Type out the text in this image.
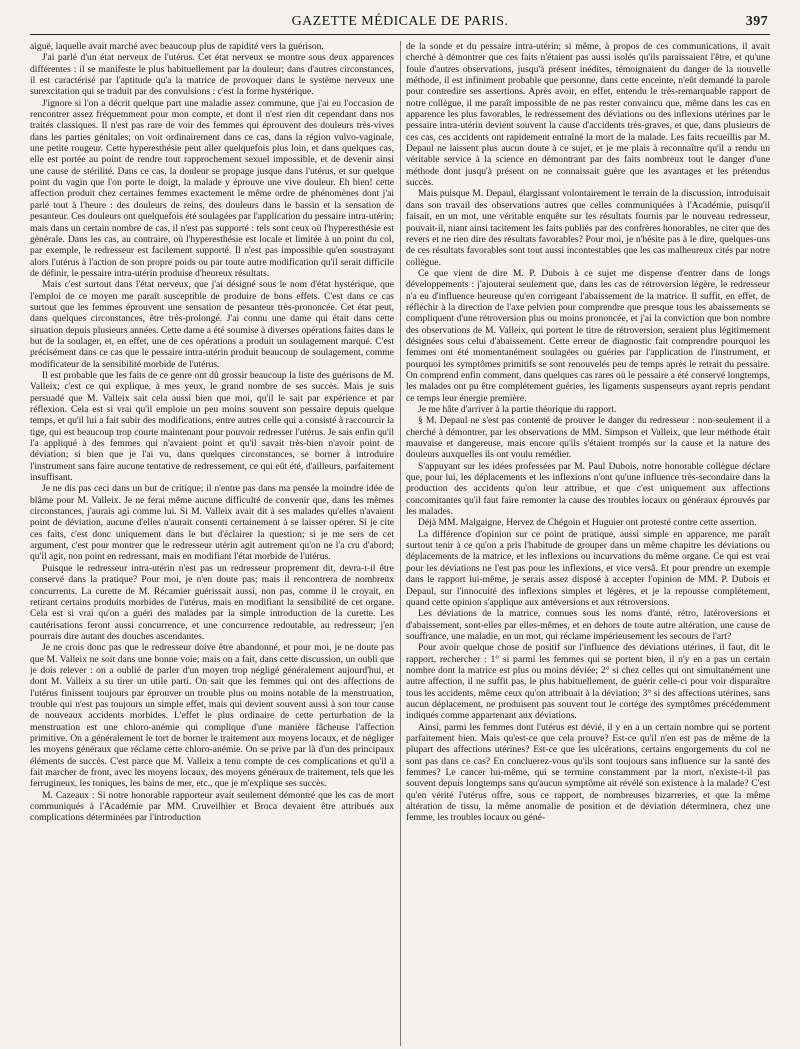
GAZETTE MÉDICALE DE PARIS.	397

aiguë, laquelle avait marché avec beaucoup plus de rapidité vers la guérison.

J'ai parlé d'un état nerveux de l'utérus. Cet état nerveux se montre sous deux apparences différentes : il se manifeste le plus habituellement par la douleur; dans d'autres circonstances, il est caractérisé par l'aptitude qu'a la matrice de provoquer dans le système nerveux une surexcitation qui se traduit par des convulsions : c'est la forme hystérique.

J'ignore si l'on a décrit quelque part une maladie assez commune, que j'ai eu l'occasion de rencontrer assez fréquemment pour mon compte, et dont il n'est rien dit cependant dans nos traités classiques. Il n'est pas rare de voir des femmes qui éprouvent des douleurs très-vives dans les parties génitales; on voit ordinairement dans ce cas, dans la région vulvo-vaginale, une petite rougeur. Cette hyperesthésie peut aller quelquefois plus loin, et dans quelques cas, elle est portée au point de rendre tout rapprochement sexuel impossible, et de devenir ainsi une cause de stérilité. Dans ce cas, la douleur se propage jusque dans l'utérus, et sur quelque point du vagin que l'on porte le doigt, la malade y éprouve une vive douleur. Eh bien! cette affection produit chez certaines femmes exactement le même ordre de phénomènes dont j'ai parlé tout à l'heure : des douleurs de reins, des douleurs dans le bassin et la sensation de pesanteur. Ces douleurs ont quelquefois été soulagées par l'application du pessaire intra-utérin; mais dans un certain nombre de cas, il n'est pas supporté : tels sont ceux où l'hyperesthésie est générale. Dans les cas, au contraire, où l'hyperesthésie est locale et limitée à un point du col, par exemple, le redresseur est facilement supporté. Il n'est pas impossible qu'en soustrayant alors l'utérus à l'action de son propre poids ou par toute autre modification qu'il serait difficile de définir, le pessaire intra-utérin produise d'heureux résultats.

Mais c'est surtout dans l'état nerveux, que j'ai désigné sous le nom d'état hystérique, que l'emploi de ce moyen me paraît susceptible de produire de bons effets. C'est dans ce cas surtout que les femmes éprouvent une sensation de pesanteur très-prononcée. Cet état peut, dans quelques circonstances, être très-prolongé. J'ai connu une dame qui était dans cette situation depuis plusieurs années. Cette dame a été soumise à diverses opérations faites dans le but de la soulager, et, en effet, une de ces opérations a produit un soulagement marqué. C'est précisément dans ce cas que le pessaire intra-utérin produit beaucoup de soulagement, comme modificateur de la sensibilité morbide de l'utérus.

Il est probable que les faits de ce genre ont dû grossir beaucoup la liste des guérisons de M. Valleix; c'est ce qui explique, à mes yeux, le grand nombre de ses succès. Mais je suis persuadé que M. Valleix sait cela aussi bien que moi, qu'il le sait par expérience et par réflexion. Cela est si vrai qu'il emploie un peu moins souvent son pessaire depuis quelque temps, et qu'il lui a fait subir des modifications, entre autres celle qui a consisté à raccourcir la tige, qui est beaucoup trop courte maintenant pour pouvoir redresser l'utérus. Je sais enfin qu'il l'a appliqué à des femmes qui n'avaient point et qu'il savait très-bien n'avoir point de déviation; si bien que je l'ai vu, dans quelques circonstances, se borner à introduire l'instrument sans faire aucune tentative de redressement, ce qui eût été, d'ailleurs, parfaitement insuffisant.

Je ne dis pas ceci dans un but de critique; il n'entre pas dans ma pensée la moindre idée de blâme pour M. Valleix. Je ne ferai même aucune difficulté de convenir que, dans les mêmes circonstances, j'aurais agi comme lui. Si M. Valleix avait dit à ses malades qu'elles n'avaient point de déviation, aucune d'elles n'aurait consenti certainement à se laisser opérer. Si je cite ces faits, c'est donc uniquement dans le but d'éclairer la question; si je me sers de cet argument, c'est pour montrer que le redresseur utérin agit autrement qu'on ne l'a cru d'abord; qu'il agit, non point en redressant, mais en modifiant l'état morbide de l'utérus.

Puisque le redresseur intra-utérin n'est pas un redresseur proprement dit, devra-t-il être conservé dans la pratique? Pour moi, je n'en doute pas; mais il rencontrera de nombreux concurrents. La curette de M. Récamier guérissait aussi, non pas, comme il le croyait, en retirant certains produits morbides de l'utérus, mais en modifiant la sensibilité de cet organe. Cela est si vrai qu'on a guéri des malades par la simple introduction de la curette. Les cautérisations feront aussi concurrence, et une concurrence redoutable, au redresseur; j'en pourrais dire autant des douches ascendantes.

Je ne crois donc pas que le redresseur doive être abandonné, et pour moi, je ne doute pas que M. Valleix ne soit dans une bonne voie; mais on a fait, dans cette discussion, un oubli que je dois relever : on a oublié de parler d'un moyen trop négligé généralement aujourd'hui, et dont M. Valleix a su tirer un utile parti. On sait que les femmes qui ont des affections de l'utérus finissent toujours par éprouver un trouble plus ou moins notable de la menstruation, trouble qui n'est pas toujours un simple effet, mais qui devient souvent aussi à son tour cause de nouveaux accidents morbides. L'effet le plus ordinaire de cette perturbation de la menstruation est une chloro-anémie qui complique d'une manière fâcheuse l'affection primitive. On a généralement le tort de borner le traitement aux moyens locaux, et de négliger les moyens généraux que réclame cette chloro-anémie. On se prive par là d'un des principaux éléments de succès. C'est parce que M. Valleix a tenu compte de ces complications et qu'il a fait marcher de front, avec les moyens locaux, des moyens généraux de traitement, tels que les ferrugineux, les toniques, les bains de mer, etc., que je m'explique ses succès.

M. Cazeaux : Si notre honorable rapporteur avait seulement démontré que les cas de mort communiqués à l'Académie par MM. Cruveilhier et Broca devaient être attribués aux complications déterminées par l'introduction

de la sonde et du pessaire intra-utérin; si même, à propos de ces communications, il avait cherché à démontrer que ces faits n'étaient pas aussi isolés qu'ils paraissaient l'être, et qu'une foule d'autres observations, jusqu'à présent inédites, témoignaient du danger de la nouvelle méthode, il est infiniment probable que personne, dans cette enceinte, n'eût demandé la parole pour contredire ses assertions. Après avoir, en effet, entendu le très-remarquable rapport de notre collègue, il me paraît impossible de ne pas rester convaincu que, même dans les cas en apparence les plus favorables, le redressement des déviations ou des inflexions utérines par le pessaire intra-utérin devient souvent la cause d'accidents très-graves, et que, dans plusieurs de ces cas, ces accidents ont rapidement entraîné la mort de la malade. Les faits recueillis par M. Depaul ne laissent plus aucun doute à ce sujet, et je me plais à reconnaître qu'il a rendu un véritable service à la science en démontrant par des faits nombreux tout le danger d'une méthode dont jusqu'à présent on ne connaissait guère que les avantages et les prétendus succès.

Mais puisque M. Depaul, élargissant volontairement le terrain de la discussion, introduisait dans son travail des observations autres que celles communiquées à l'Académie, puisqu'il faisait, en un mot, une véritable enquête sur les résultats fournis par le nouveau redresseur, pouvait-il, niant ainsi tacitement les faits publiés par des confrères honorables, ne citer que des revers et ne rien dire des résultats favorables? Pour moi, je n'hésite pas à le dire, quelques-uns de ces résultats favorables sont tout aussi incontestables que les cas malheureux cités par notre collègue.

Ce que vient de dire M. P. Dubois à ce sujet me dispense d'entrer dans de longs développements : j'ajouterai seulement que, dans les cas de rétroversion légère, le redresseur n'a eu d'influence heureuse qu'en corrigeant l'abaissement de la matrice. Il suffit, en effet, de réfléchir à la direction de l'axe pelvien pour comprendre que presque tous les abaissements se compliquent d'une rétroversion plus ou moins prononcée, et j'ai la conviction que bon nombre des observations de M. Valleix, qui portent le titre de rétroversion, seraient plus légitimement désignées sous celui d'abaissement. Cette erreur de diagnostic fait comprendre pourquoi les femmes ont été momentanément soulagées ou guéries par l'application de l'instrument, et pourquoi les symptômes primitifs se sont renouvelés peu de temps après le retrait du pessaire. On comprend enfin comment, dans quelques cas rares où le pessaire a été conservé longtemps, les malades ont pu être complétement guéries, les ligaments suspenseurs ayant repris pendant ce temps leur énergie première.

Je me hâte d'arriver à la partie théorique du rapport.

§ M. Depaul ne s'est pas contenté de prouver le danger du redresseur : non-seulement il a cherché à démontrer, par les observations de MM. Simpson et Valleix, que leur méthode était mauvaise et dangereuse, mais encore qu'ils s'étaient trompés sur la cause et la nature des douleurs auxquelles ils ont voulu remédier.

S'appuyant sur les idées professées par M. Paul Dubois, notre honorable collègue déclare que, pour lui, les déplacements et les inflexions n'ont qu'une influence très-secondaire dans la production des accidents qu'on leur attribue, et que c'est uniquement aux affections concomitantes qu'il faut faire remonter la cause des troubles locaux ou généraux éprouvés par les malades.

Déjà MM. Malgaigne, Hervez de Chégoin et Huguier ont protesté contre cette assertion.

La différence d'opinion sur ce point de pratique, aussi simple en apparence, me paraît surtout tenir à ce qu'on a pris l'habitude de grouper dans un même chapitre les déviations ou déplacements de la matrice, et les inflexions ou incurvations du même organe. Ce qui est vrai pour les déviations ne l'est pas pour les inflexions, et vice versâ. Et pour prendre un exemple dans le rapport lui-même, je serais assez disposé à accepter l'opinion de MM. P. Dubois et Depaul, sur l'innocuité des inflexions simples et légères, et je la repousse complétement, quand cette opinion s'applique aux antéversions et aux rétroversions.

Les déviations de la matrice, connues sous les noms d'anté, rétro, latéroversions et d'abaissement, sont-elles par elles-mêmes, et en dehors de toute autre altération, une cause de souffrance, une maladie, en un mot, qui réclame impérieusement les secours de l'art?

Pour avoir quelque chose de positif sur l'influence des déviations utérines, il faut, dit le rapport, rechercher : 1° si parmi les femmes qui se portent bien, il n'y en a pas un certain nombre dont la matrice est plus ou moins déviée; 2° si chez celles qui ont simultanément une autre affection, il ne suffit pas, le plus habituellement, de guérir celle-ci pour voir disparaître tous les accidents, même ceux qu'on attribuait à la déviation; 3° si des affections utérines, sans aucun déplacement, ne produisent pas souvent tout le cortége des symptômes précédemment indiqués comme appartenant aux déviations.

Ainsi, parmi les femmes dont l'utérus est dévié, il y en a un certain nombre qui se portent parfaitement bien. Mais qu'est-ce que cela prouve? Est-ce qu'il n'en est pas de même de la plupart des affections utérines? Est-ce que les ulcérations, certains engorgements du col ne sont pas dans ce cas? En concluerez-vous qu'ils sont toujours sans influence sur la santé des femmes? Le cancer lui-même, qui se termine constamment par la mort, n'existe-t-il pas souvent depuis longtemps sans qu'aucun symptôme ait révélé son existence à la malade? C'est qu'en vérité l'utérus offre, sous ce rapport, de nombreuses bizarreries, et que la même altération de tissu, la même anomalie de position et de déviation déterminera, chez une femme, les troubles locaux ou géné-
